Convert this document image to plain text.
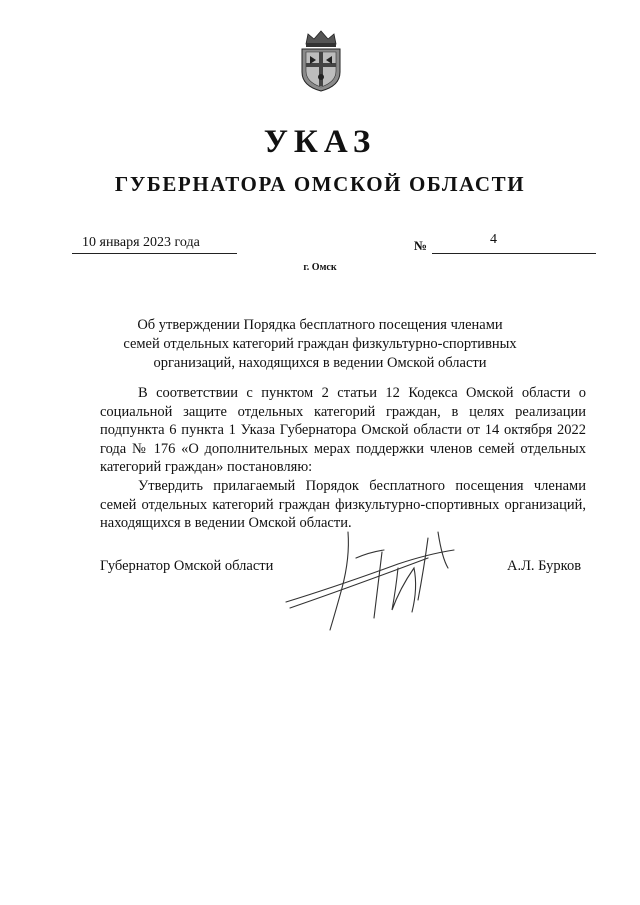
УКАЗ
ГУБЕРНАТОРА ОМСКОЙ ОБЛАСТИ
10 января 2023 года	№	4
г. Омск
Об утверждении Порядка бесплатного посещения членами семей отдельных категорий граждан физкультурно-спортивных организаций, находящихся в ведении Омской области

В соответствии с пунктом 2 статьи 12 Кодекса Омской области о социальной защите отдельных категорий граждан, в целях реализации подпункта 6 пункта 1 Указа Губернатора Омской области от 14 октября 2022 года № 176 «О дополнительных мерах поддержки членов семей отдельных категорий граждан» постановляю:

Утвердить прилагаемый Порядок бесплатного посещения членами семей отдельных категорий граждан физкультурно-спортивных организаций, находящихся в ведении Омской области.

Губернатор Омской области	А.Л. Бурков
